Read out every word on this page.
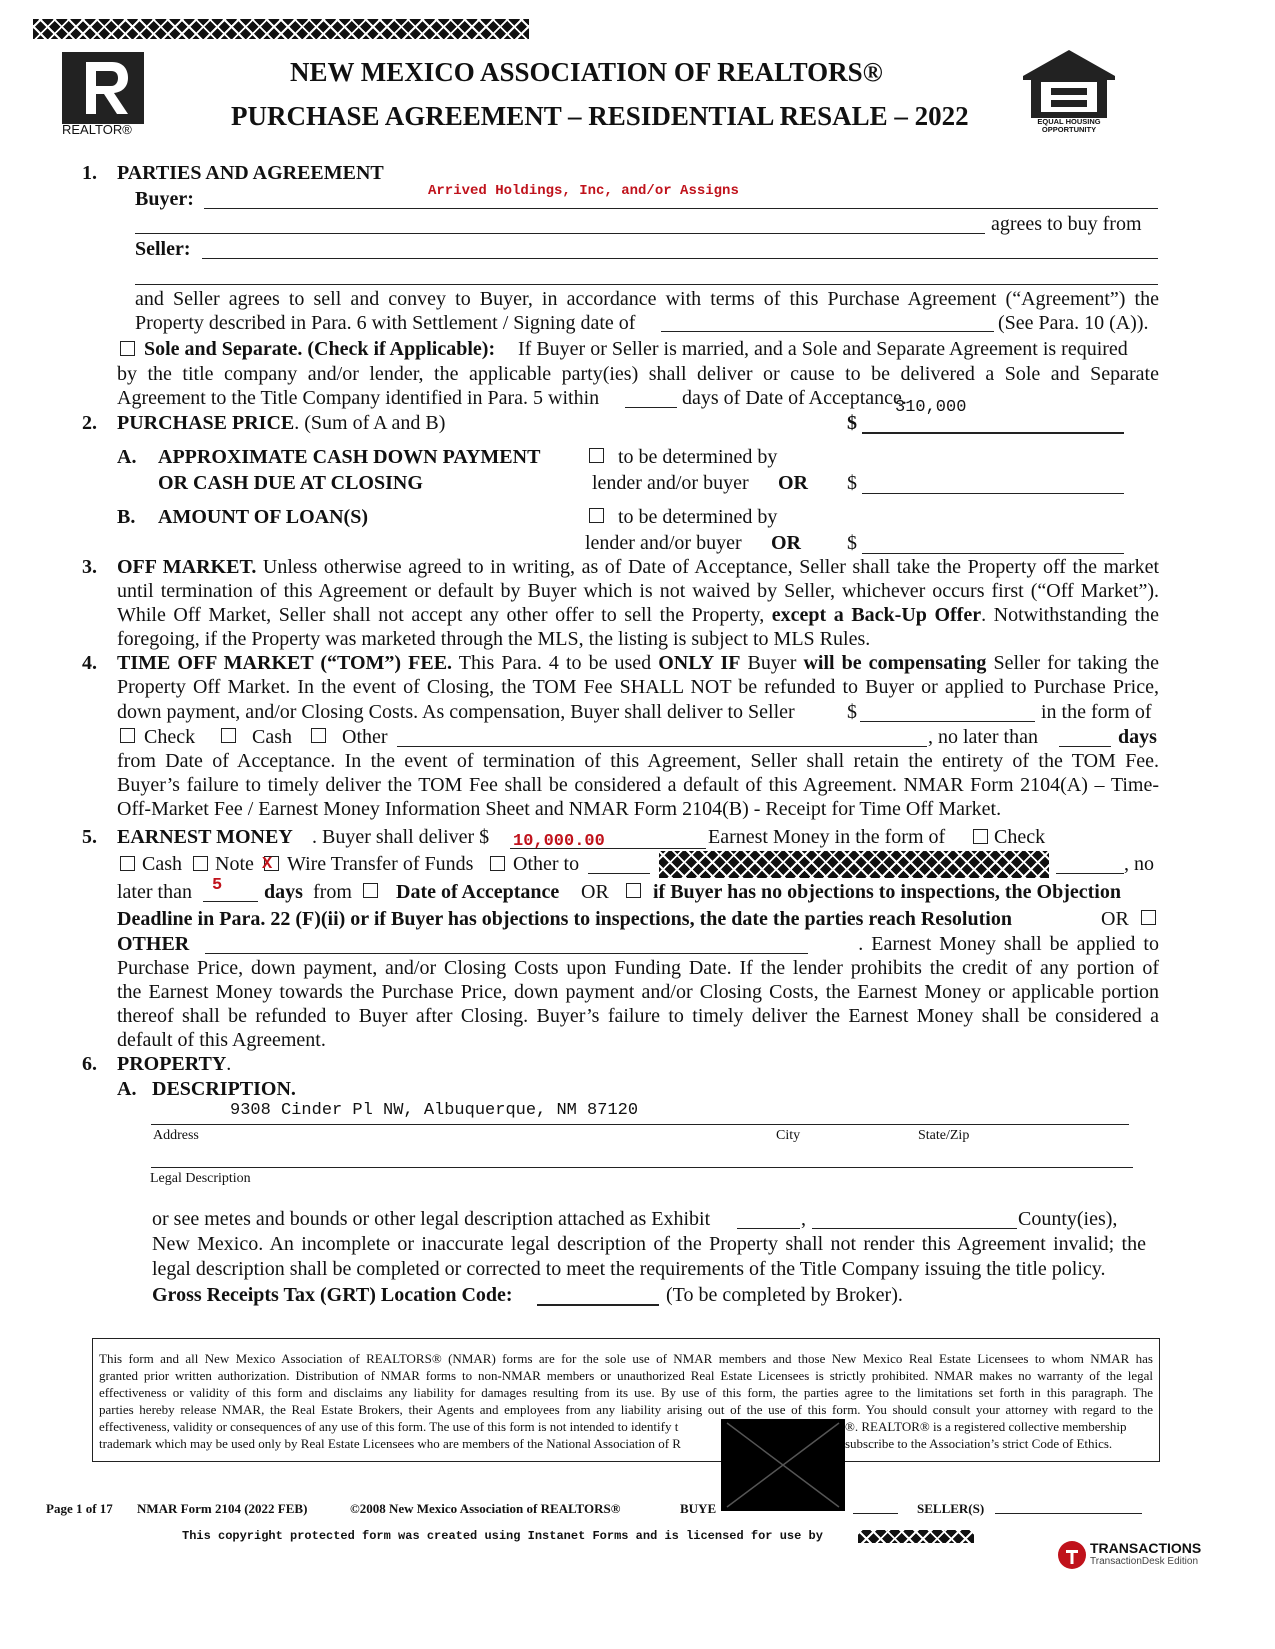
REALTOR®
NEW MEXICO ASSOCIATION OF REALTORS®
PURCHASE AGREEMENT – RESIDENTIAL RESALE – 2022	EQUAL HOUSING OPPORTUNITY
1. PARTIES AND AGREEMENT
Arrived Holdings, Inc, and/or Assigns
Buyer:
agrees to buy from
Seller:
and Seller agrees to sell and convey to Buyer, in accordance with terms of this Purchase Agreement (“Agreement”) the
Property described in Para. 6 with Settlement / Signing date of	(See Para. 10 (A)).
Sole and Separate. (Check if Applicable): If Buyer or Seller is married, and a Sole and Separate Agreement is required
by the title company and/or lender, the applicable party(ies) shall deliver or cause to be delivered a Sole and Separate
Agreement to the Title Company identified in Para. 5 within	days of Date of Acceptance.
2. PURCHASE PRICE. (Sum of A and B)
310,000
$
A. APPROXIMATE CASH DOWN PAYMENT	to be determined by
OR CASH DUE AT CLOSING	lender and/or buyer OR $
B. AMOUNT OF LOAN(S)	to be determined by
lender and/or buyer OR $
3. OFF MARKET. Unless otherwise agreed to in writing, as of Date of Acceptance, Seller shall take the Property off the market
until termination of this Agreement or default by Buyer which is not waived by Seller, whichever occurs first (“Off Market”).
While Off Market, Seller shall not accept any other offer to sell the Property, except a Back-Up Offer. Notwithstanding the
foregoing, if the Property was marketed through the MLS, the listing is subject to MLS Rules.
4. TIME OFF MARKET (“TOM”) FEE. This Para. 4 to be used ONLY IF Buyer will be compensating Seller for taking the
Property Off Market. In the event of Closing, the TOM Fee SHALL NOT be refunded to Buyer or applied to Purchase Price,
down payment, and/or Closing Costs. As compensation, Buyer shall deliver to Seller	$	in the form of
Check	Cash	Other	, no later than	days
from Date of Acceptance. In the event of termination of this Agreement, Seller shall retain the entirety of the TOM Fee.
Buyer’s failure to timely deliver the TOM Fee shall be considered a default of this Agreement. NMAR Form 2104(A) – Time-
Off-Market Fee / Earnest Money Information Sheet and NMAR Form 2104(B) - Receipt for Time Off Market.
5. EARNEST MONEY . Buyer shall deliver $ 10,000.00	Earnest Money in the form of Check
Cash Note X Wire Transfer of Funds Other to	, no
later than 5 days from Date of Acceptance OR if Buyer has no objections to inspections, the Objection
Deadline in Para. 22 (F)(ii) or if Buyer has objections to inspections, the date the parties reach Resolution	OR
OTHER	. Earnest Money shall be applied to
Purchase Price, down payment, and/or Closing Costs upon Funding Date. If the lender prohibits the credit of any portion of
the Earnest Money towards the Purchase Price, down payment and/or Closing Costs, the Earnest Money or applicable portion
thereof shall be refunded to Buyer after Closing. Buyer’s failure to timely deliver the Earnest Money shall be considered a
default of this Agreement.
6. PROPERTY.
A. DESCRIPTION.
9308 Cinder Pl NW, Albuquerque, NM 87120
Address	City	State/Zip
Legal Description
or see metes and bounds or other legal description attached as Exhibit	,	County(ies),
New Mexico. An incomplete or inaccurate legal description of the Property shall not render this Agreement invalid; the
legal description shall be completed or corrected to meet the requirements of the Title Company issuing the title policy.
Gross Receipts Tax (GRT) Location Code:	(To be completed by Broker).
This form and all New Mexico Association of REALTORS® (NMAR) forms are for the sole use of NMAR members and those New Mexico Real Estate Licensees to whom NMAR has
granted prior written authorization. Distribution of NMAR forms to non-NMAR members or unauthorized Real Estate Licensees is strictly prohibited. NMAR makes no warranty of the legal
effectiveness or validity of this form and disclaims any liability for damages resulting from its use. By use of this form, the parties agree to the limitations set forth in this paragraph. The
parties hereby release NMAR, the Real Estate Brokers, their Agents and employees from any liability arising out of the use of this form. You should consult your attorney with regard to the
effectiveness, validity or consequences of any use of this form. The use of this form is not intended to identify t	®. REALTOR® is a registered collective membership
trademark which may be used only by Real Estate Licensees who are members of the National Association of R	subscribe to the Association’s strict Code of Ethics.
Page 1 of 17 NMAR Form 2104 (2022 FEB)	©2008 New Mexico Association of REALTORS®	BUYE	SELLER(S)
This copyright protected form was created using Instanet Forms and is licensed for use by
TRANSACTIONS
TransactionDesk Edition
